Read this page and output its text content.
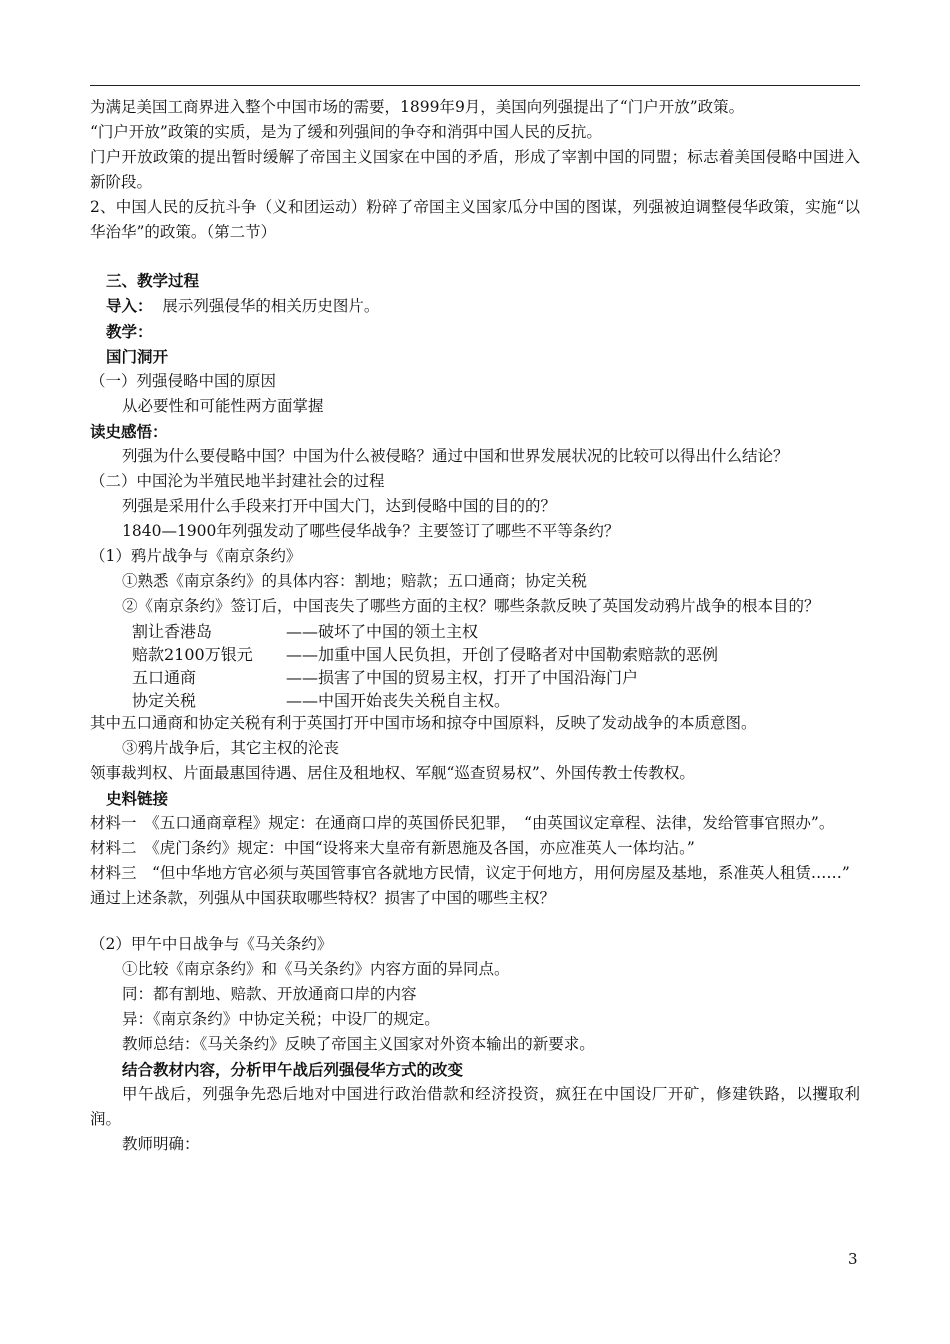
为满足美国工商界进入整个中国市场的需要，1899年9月，美国向列强提出了“门户开放”政策。

“门户开放”政策的实质，是为了缓和列强间的争夺和消弭中国人民的反抗。

门户开放政策的提出暂时缓解了帝国主义国家在中国的矛盾，形成了宰割中国的同盟；标志着美国侵略中国进入新阶段。

2、中国人民的反抗斗争（义和团运动）粉碎了帝国主义国家瓜分中国的图谋，列强被迫调整侵华政策，实施“以华治华”的政策。（第二节）

三、教学过程

导入： 展示列强侵华的相关历史图片。

教学：

国门洞开

（一）列强侵略中国的原因

从必要性和可能性两方面掌握

读史感悟：

列强为什么要侵略中国？中国为什么被侵略？通过中国和世界发展状况的比较可以得出什么结论？

（二）中国沦为半殖民地半封建社会的过程

列强是采用什么手段来打开中国大门，达到侵略中国的目的的？

1840—1900年列强发动了哪些侵华战争？主要签订了哪些不平等条约？

（1）鸦片战争与《南京条约》

①熟悉《南京条约》的具体内容：割地；赔款；五口通商；协定关税

②《南京条约》签订后，中国丧失了哪些方面的主权？哪些条款反映了英国发动鸦片战争的根本目的？

割让香港岛	——破坏了中国的领土主权
赔款2100万银元	——加重中国人民负担，开创了侵略者对中国勒索赔款的恶例
五口通商	——损害了中国的贸易主权，打开了中国沿海门户
协定关税	——中国开始丧失关税自主权。

其中五口通商和协定关税有利于英国打开中国市场和掠夺中国原料，反映了发动战争的本质意图。

③鸦片战争后，其它主权的沦丧

领事裁判权、片面最惠国待遇、居住及租地权、军舰“巡查贸易权”、外国传教士传教权。

史料链接

材料一　《五口通商章程》规定：在通商口岸的英国侨民犯罪，　“由英国议定章程、法律，发给管事官照办”。

材料二　《虎门条约》规定：中国“设将来大皇帝有新恩施及各国，亦应准英人一体均沾。”

材料三　“但中华地方官必须与英国管事官各就地方民情，议定于何地方，用何房屋及基地，系准英人租赁……”

通过上述条款，列强从中国获取哪些特权？损害了中国的哪些主权？

（2）甲午中日战争与《马关条约》

①比较《南京条约》和《马关条约》内容方面的异同点。

同：都有割地、赔款、开放通商口岸的内容

异：《南京条约》中协定关税；中设厂的规定。

教师总结：《马关条约》反映了帝国主义国家对外资本输出的新要求。

结合教材内容，分析甲午战后列强侵华方式的改变

甲午战后，列强争先恐后地对中国进行政治借款和经济投资，疯狂在中国设厂开矿，修建铁路，以攫取利润。

教师明确：

3
